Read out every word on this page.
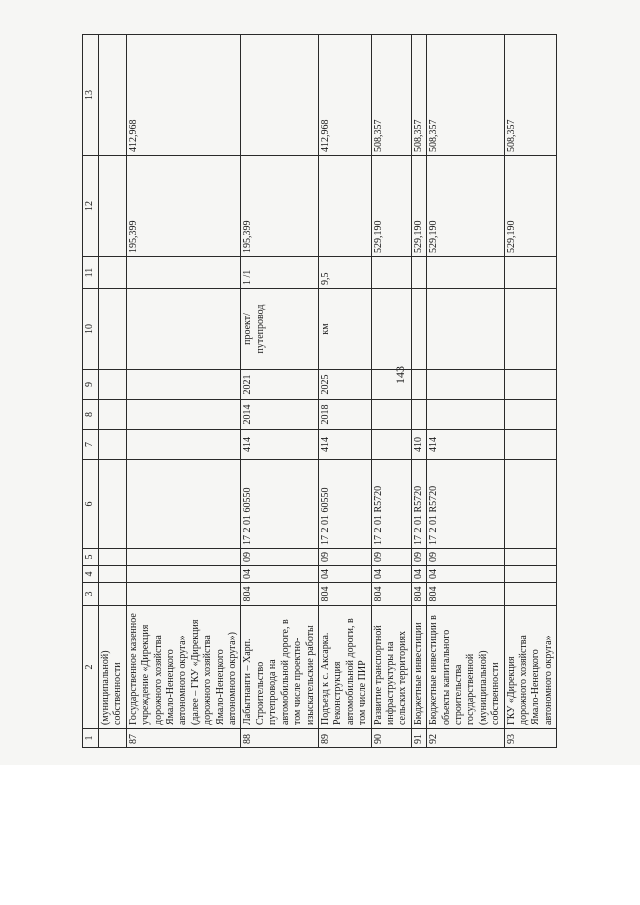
143
1	2	3	4	5	6	7	8	9	10	11	12	13
	(муниципальной) собственности											
87	Государственное казенное учреждение «Дирекция дорожного хозяйства Ямало-Ненецкого автономного округа» (далее – ГКУ «Дирекция дорожного хозяйства Ямало-Ненецкого автономного округа»)										195,399	412,968
88	Лабытнанги – Харп. Строительство путепровода на автомобильной дороге, в том числе проектно-изыскательские работы	804	04	09	17 2 01 60550	414	2014	2021	проект/ путепровод	1 /1	195,399	
89	Подъезд к с. Аксарка. Реконструкция автомобильной дороги, в том числе ПИР	804	04	09	17 2 01 60550	414	2018	2025	км	9,5		412,968
90	Развитие транспортной инфраструктуры на сельских территориях	804	04	09	17 2 01 R5720						529,190	508,357
91	Бюджетные инвестиции	804	04	09	17 2 01 R5720	410					529,190	508,357
92	Бюджетные инвестиции в объекты капитального строительства государственной (муниципальной) собственности	804	04	09	17 2 01 R5720	414					529,190	508,357
93	ГКУ «Дирекция дорожного хозяйства Ямало-Ненецкого автономного округа»										529,190	508,357
